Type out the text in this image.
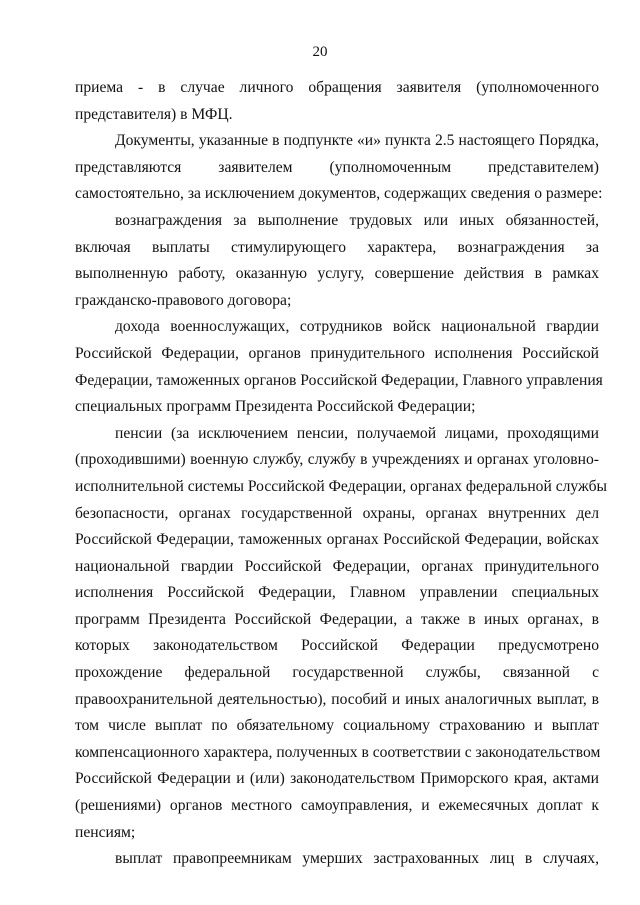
20
приема - в случае личного обращения заявителя (уполномоченного
представителя) в МФЦ.
Документы, указанные в подпункте «и» пункта 2.5 настоящего Порядка,
представляются заявителем (уполномоченным представителем)
самостоятельно, за исключением документов, содержащих сведения о размере:
вознаграждения за выполнение трудовых или иных обязанностей,
включая выплаты стимулирующего характера, вознаграждения за
выполненную работу, оказанную услугу, совершение действия в рамках
гражданско-правового договора;
дохода военнослужащих, сотрудников войск национальной гвардии
Российской Федерации, органов принудительного исполнения Российской
Федерации, таможенных органов Российской Федерации, Главного управления
специальных программ Президента Российской Федерации;
пенсии (за исключением пенсии, получаемой лицами, проходящими
(проходившими) военную службу, службу в учреждениях и органах уголовно-
исполнительной системы Российской Федерации, органах федеральной службы
безопасности, органах государственной охраны, органах внутренних дел
Российской Федерации, таможенных органах Российской Федерации, войсках
национальной гвардии Российской Федерации, органах принудительного
исполнения Российской Федерации, Главном управлении специальных
программ Президента Российской Федерации, а также в иных органах, в
которых законодательством Российской Федерации предусмотрено
прохождение федеральной государственной службы, связанной с
правоохранительной деятельностью), пособий и иных аналогичных выплат, в
том числе выплат по обязательному социальному страхованию и выплат
компенсационного характера, полученных в соответствии с законодательством
Российской Федерации и (или) законодательством Приморского края, актами
(решениями) органов местного самоуправления, и ежемесячных доплат к
пенсиям;
выплат правопреемникам умерших застрахованных лиц в случаях,
